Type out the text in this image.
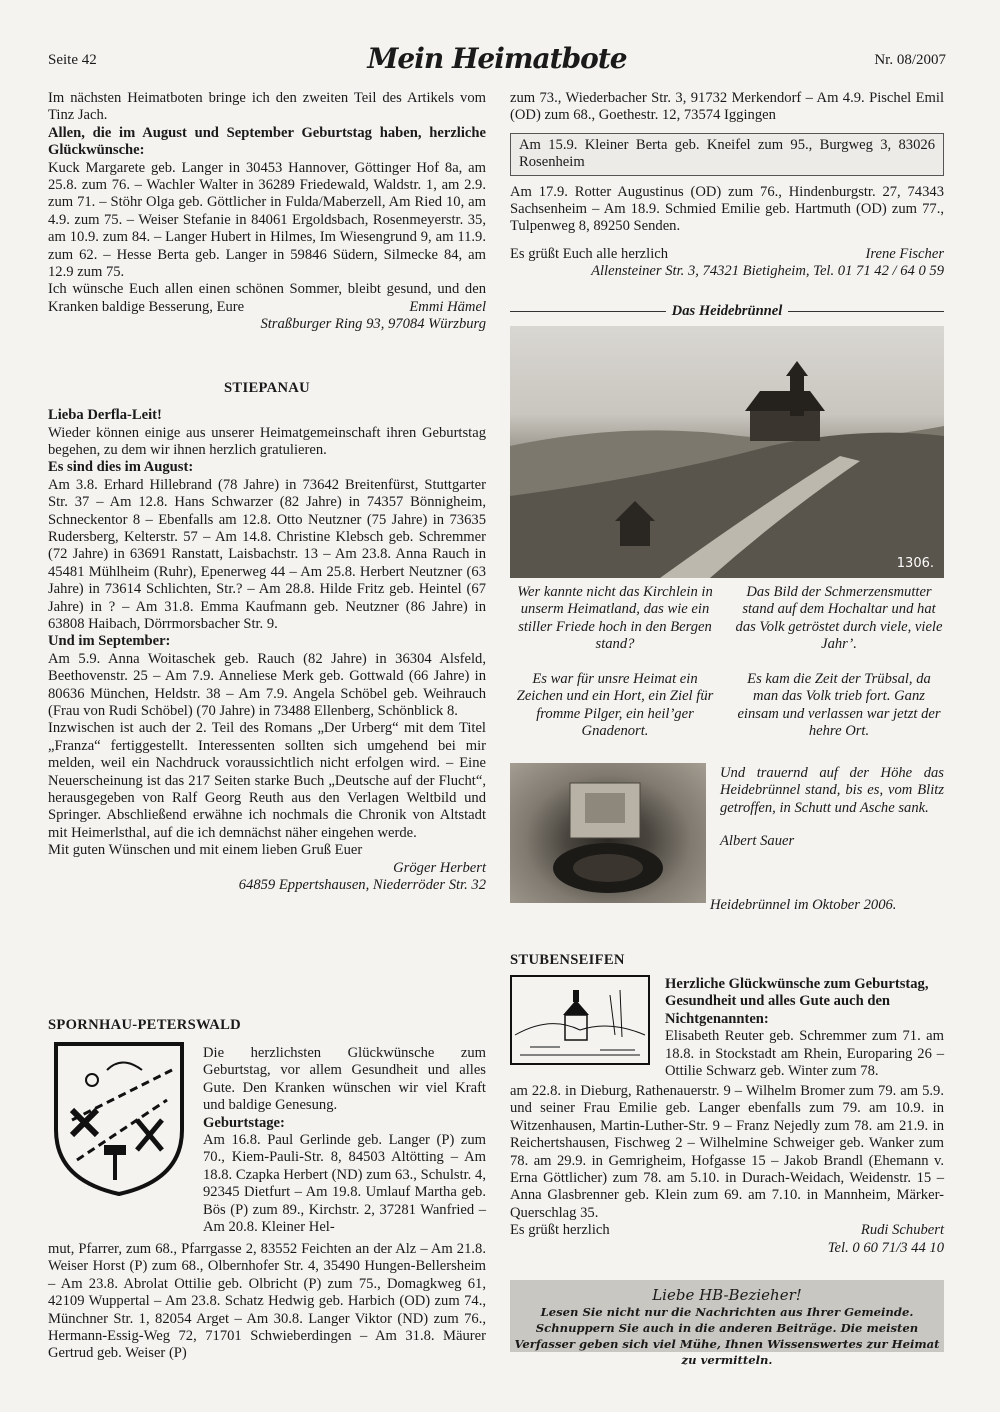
Seite 42	Mein Heimatbote	Nr. 08/2007

Im nächsten Heimatboten bringe ich den zweiten Teil des Artikels vom Tinz Jach.

Allen, die im August und September Geburtstag haben, herzliche Glückwünsche:

Kuck Margarete geb. Langer in 30453 Hannover, Göttinger Hof 8a, am 25.8. zum 76. – Wachler Walter in 36289 Friedewald, Waldstr. 1, am 2.9. zum 71. – Stöhr Olga geb. Göttlicher in Fulda/Maberzell, Am Ried 10, am 4.9. zum 75. – Weiser Stefanie in 84061 Ergoldsbach, Rosenmeyerstr. 35, am 10.9. zum 84. – Langer Hubert in Hilmes, Im Wiesengrund 9, am 11.9. zum 62. – Hesse Berta geb. Langer in 59846 Südern, Silmecke 84, am 12.9 zum 75.

Ich wünsche Euch allen einen schönen Sommer, bleibt gesund, und den Kranken baldige Besserung, Eure	Emmi Hämel

Straßburger Ring 93, 97084 Würzburg

STIEPANAU

Lieba Derfla-Leit!

Wieder können einige aus unserer Heimatgemeinschaft ihren Geburtstag begehen, zu dem wir ihnen herzlich gratulieren.

Es sind dies im August:

Am 3.8. Erhard Hillebrand (78 Jahre) in 73642 Breitenfürst, Stuttgarter Str. 37 – Am 12.8. Hans Schwarzer (82 Jahre) in 74357 Bönnigheim, Schneckentor 8 – Ebenfalls am 12.8. Otto Neutzner (75 Jahre) in 73635 Rudersberg, Kelterstr. 57 – Am 14.8. Christine Klebsch geb. Schremmer (72 Jahre) in 63691 Ranstatt, Laisbachstr. 13 – Am 23.8. Anna Rauch in 45481 Mühlheim (Ruhr), Epenerweg 44 – Am 25.8. Herbert Neutzner (63 Jahre) in 73614 Schlichten, Str.? – Am 28.8. Hilde Fritz geb. Heintel (67 Jahre) in ? – Am 31.8. Emma Kaufmann geb. Neutzner (86 Jahre) in 63808 Haibach, Dörrmorsbacher Str. 9.

Und im September:

Am 5.9. Anna Woitaschek geb. Rauch (82 Jahre) in 36304 Alsfeld, Beethovenstr. 25 – Am 7.9. Anneliese Merk geb. Gottwald (66 Jahre) in 80636 München, Heldstr. 38 – Am 7.9. Angela Schöbel geb. Weihrauch (Frau von Rudi Schöbel) (70 Jahre) in 73488 Ellenberg, Schönblick 8.

Inzwischen ist auch der 2. Teil des Romans „Der Urberg“ mit dem Titel „Franza“ fertiggestellt. Interessenten sollten sich umgehend bei mir melden, weil ein Nachdruck voraussichtlich nicht erfolgen wird. – Eine Neuerscheinung ist das 217 Seiten starke Buch „Deutsche auf der Flucht“, herausgegeben von Ralf Georg Reuth aus den Verlagen Weltbild und Springer. Abschließend erwähne ich nochmals die Chronik von Altstadt mit Heimerlsthal, auf die ich demnächst näher eingehen werde.

Mit guten Wünschen und mit einem lieben Gruß Euer

Gröger Herbert

64859 Eppertshausen, Niederröder Str. 32

SPORNHAU-PETERSWALD

Die herzlichsten Glückwünsche zum Geburtstag, vor allem Gesundheit und alles Gute. Den Kranken wünschen wir viel Kraft und baldige Genesung.

Geburtstage:

Am 16.8. Paul Gerlinde geb. Langer (P) zum 70., Kiem-Pauli-Str. 8, 84503 Altötting – Am 18.8. Czapka Herbert (ND) zum 63., Schulstr. 4, 92345 Dietfurt – Am 19.8. Umlauf Martha geb. Bös (P) zum 89., Kirchstr. 2, 37281 Wanfried – Am 20.8. Kleiner Hel-

mut, Pfarrer, zum 68., Pfarrgasse 2, 83552 Feichten an der Alz – Am 21.8. Weiser Horst (P) zum 68., Olbernhofer Str. 4, 35490 Hungen-Bellersheim – Am 23.8. Abrolat Ottilie geb. Olbricht (P) zum 75., Domagkweg 61, 42109 Wuppertal – Am 23.8. Schatz Hedwig geb. Harbich (OD) zum 74., Münchner Str. 1, 82054 Arget – Am 30.8. Langer Viktor (ND) zum 76., Hermann-Essig-Weg 72, 71701 Schwieberdingen – Am 31.8. Mäurer Gertrud geb. Weiser (P)

zum 73., Wiederbacher Str. 3, 91732 Merkendorf – Am 4.9. Pischel Emil (OD) zum 68., Goethestr. 12, 73574 Iggingen

Am 15.9. Kleiner Berta geb. Kneifel zum 95., Burgweg 3, 83026 Rosenheim

Am 17.9. Rotter Augustinus (OD) zum 76., Hindenburgstr. 27, 74343 Sachsenheim – Am 18.9. Schmied Emilie geb. Hartmuth (OD) zum 77., Tulpenweg 8, 89250 Senden.

Es grüßt Euch alle herzlich	Irene Fischer

Allensteiner Str. 3, 74321 Bietigheim, Tel. 01 71 42 / 64 0 59

Das Heidebrünnel
1306.
Wer kannte nicht das Kirchlein in unserm Heimatland, das wie ein stiller Friede hoch in den Bergen stand?
Das Bild der Schmerzensmutter stand auf dem Hochaltar und hat das Volk getröstet durch viele, viele Jahr’.
Es war für unsre Heimat ein Zeichen und ein Hort, ein Ziel für fromme Pilger, ein heil’ger Gnadenort.
Es kam die Zeit der Trübsal, da man das Volk trieb fort. Ganz einsam und verlassen war jetzt der hehre Ort.
Und trauernd auf der Höhe das Heidebrünnel stand, bis es, vom Blitz getroffen, in Schutt und Asche sank.
Albert Sauer
Heidebrünnel im Oktober 2006.
STUBENSEIFEN

Herzliche Glückwünsche zum Geburtstag, Gesundheit und alles Gute auch den Nichtgenannten:

Elisabeth Reuter geb. Schremmer zum 71. am 18.8. in Stockstadt am Rhein, Europaring 26 – Ottilie Schwarz geb. Winter zum 78.

am 22.8. in Dieburg, Rathenauerstr. 9 – Wilhelm Bromer zum 79. am 5.9. und seiner Frau Emilie geb. Langer ebenfalls zum 79. am 10.9. in Witzenhausen, Martin-Luther-Str. 9 – Franz Nejedly zum 78. am 21.9. in Reichertshausen, Fischweg 2 – Wilhelmine Schweiger geb. Wanker zum 78. am 29.9. in Gemrigheim, Hofgasse 15 – Jakob Brandl (Ehemann v. Erna Göttlicher) zum 78. am 5.10. in Durach-Weidach, Weidenstr. 15 – Anna Glasbrenner geb. Klein zum 69. am 7.10. in Mannheim, Märker-Querschlag 35.

Es grüßt herzlich	Rudi Schubert

Tel. 0 60 71/3 44 10

Liebe HB-Bezieher!
Lesen Sie nicht nur die Nachrichten aus Ihrer Gemeinde. Schnuppern Sie auch in die anderen Beiträge. Die meisten Verfasser geben sich viel Mühe, Ihnen Wissenswertes zur Heimat zu vermitteln.
